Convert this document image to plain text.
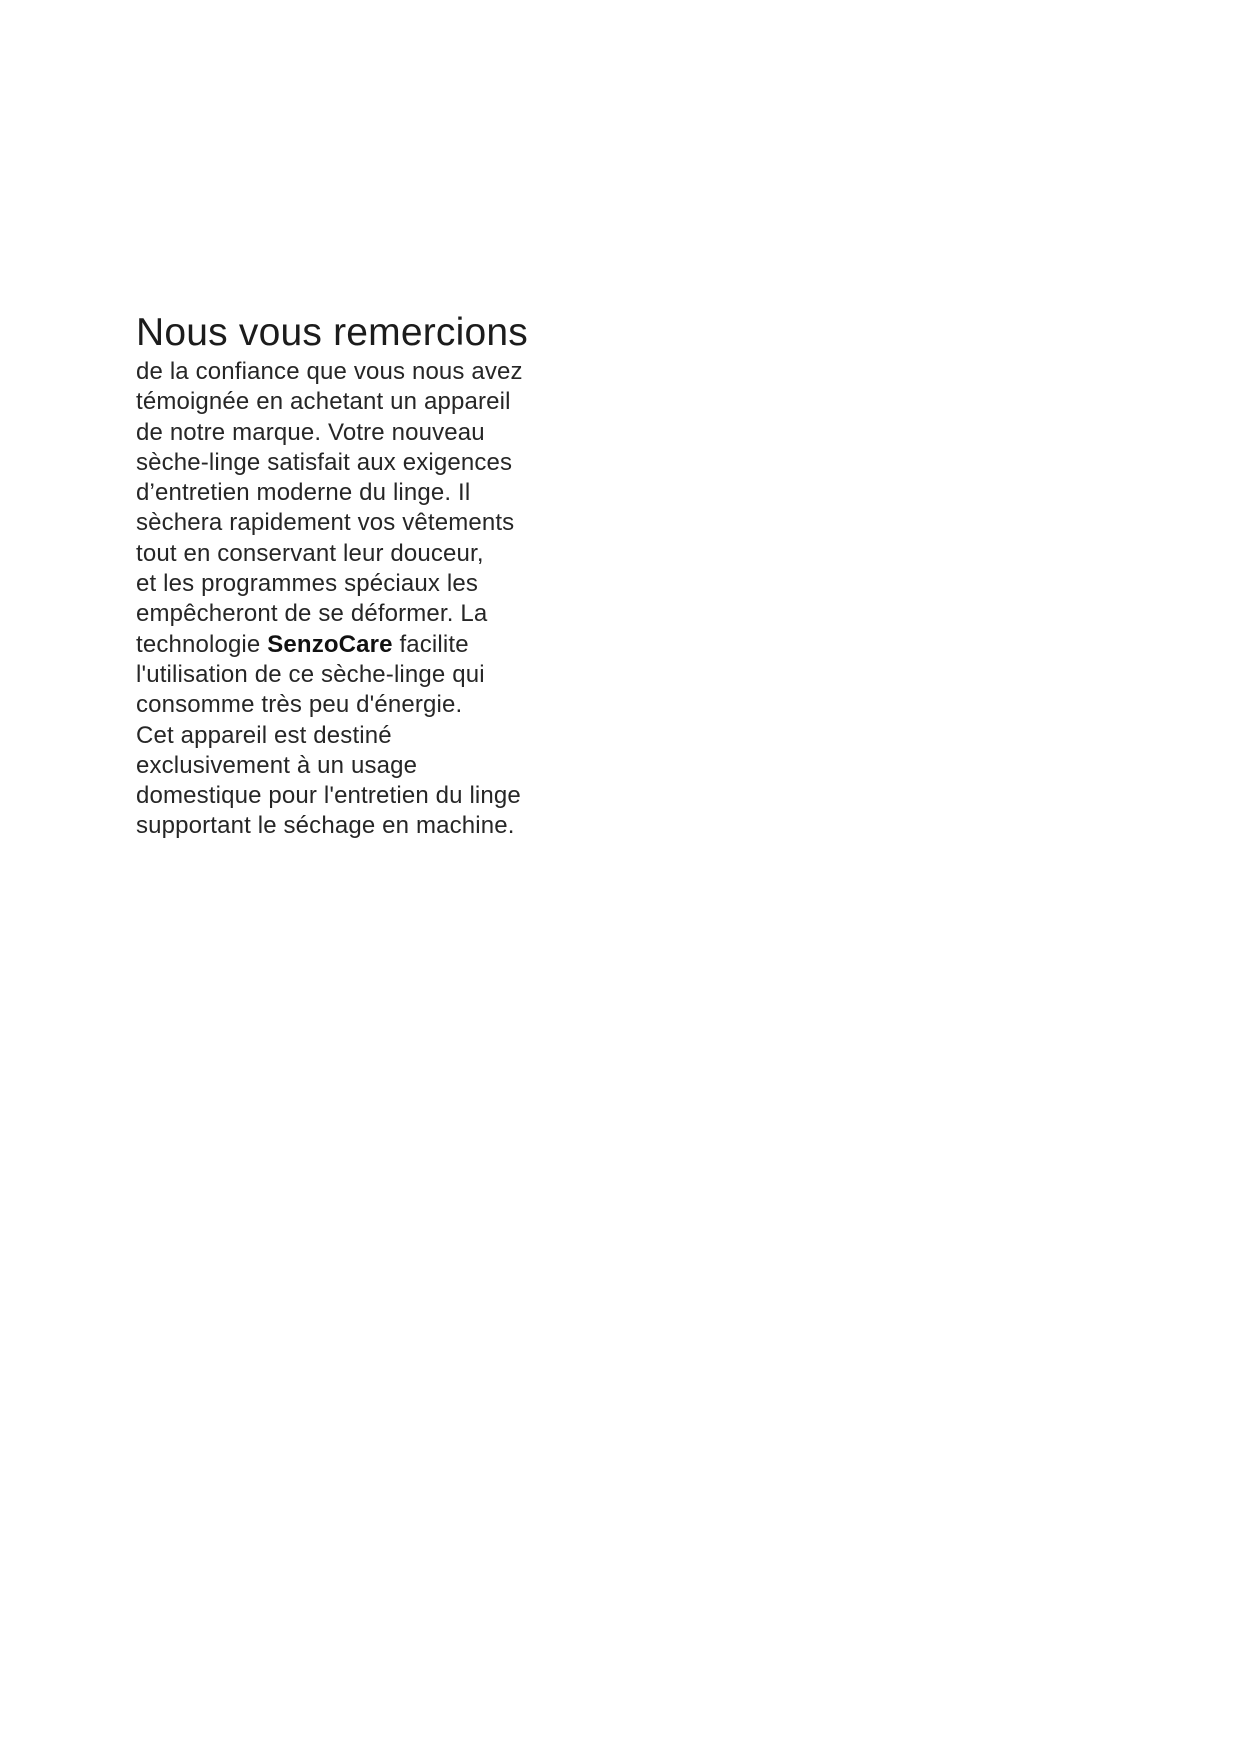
Nous vous remercions
de la confiance que vous nous avez
témoignée en achetant un appareil
de notre marque. Votre nouveau
sèche-linge satisfait aux exigences
d’entretien moderne du linge. Il
sèchera rapidement vos vêtements
tout en conservant leur douceur,
et les programmes spéciaux les
empêcheront de se déformer. La
technologie SenzoCare facilite
l'utilisation de ce sèche-linge qui
consomme très peu d'énergie.
Cet appareil est destiné
exclusivement à un usage
domestique pour l'entretien du linge
supportant le séchage en machine.
